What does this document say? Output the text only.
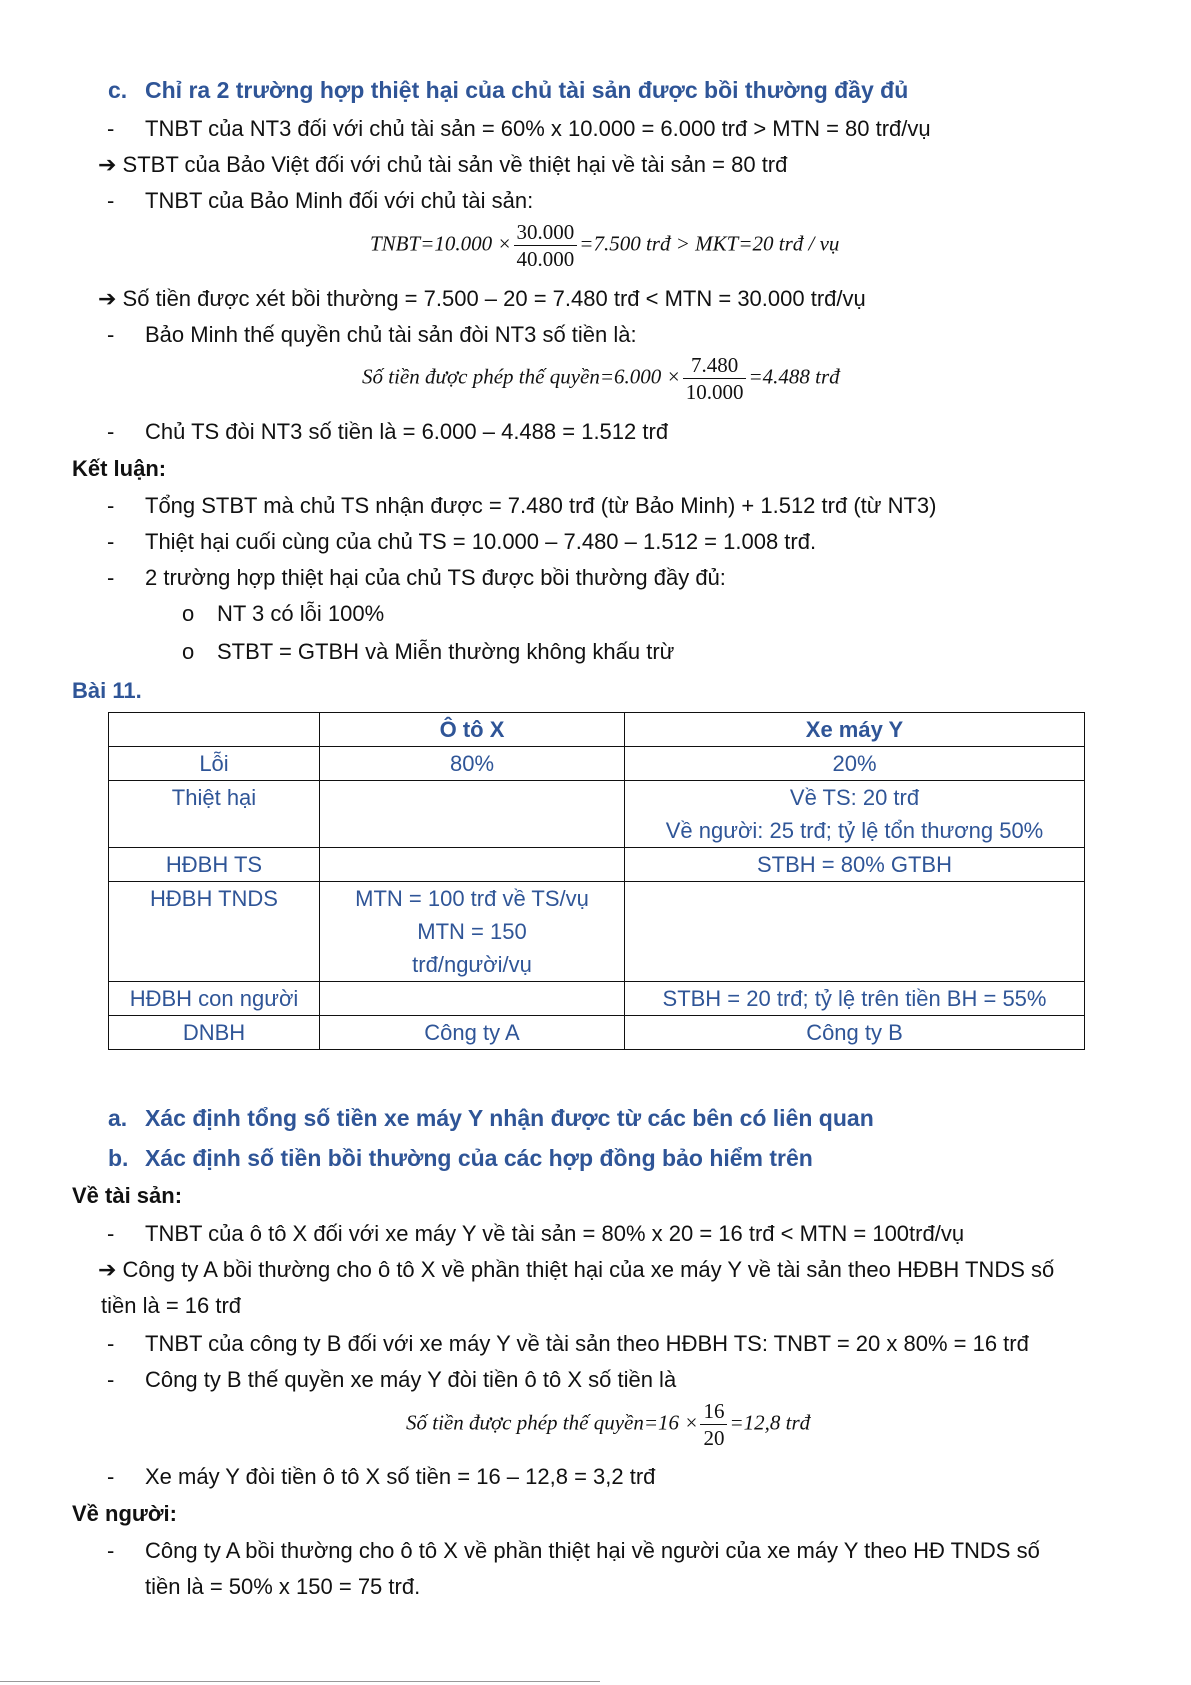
c. Chỉ ra 2 trường hợp thiệt hại của chủ tài sản được bồi thường đầy đủ
- TNBT của NT3 đối với chủ tài sản = 60% x 10.000 = 6.000 trđ > MTN = 80 trđ/vụ
➔ STBT của Bảo Việt đối với chủ tài sản về thiệt hại về tài sản = 80 trđ
- TNBT của Bảo Minh đối với chủ tài sản:
TNBT=10.000 × $\frac{30.000}{40.000} =7.500$ trđ > MKT=20 trđ / vụ
➔ Số tiền được xét bồi thường = 7.500 – 20 = 7.480 trđ < MTN = 30.000 trđ/vụ
- Bảo Minh thế quyền chủ tài sản đòi NT3 số tiền là:
Số tiền được phép thế quyền=6.000 × $\frac{7.480}{10.000} =4.488$ trđ
- Chủ TS đòi NT3 số tiền là = 6.000 – 4.488 = 1.512 trđ
Kết luận:
- Tổng STBT mà chủ TS nhận được = 7.480 trđ (từ Bảo Minh) + 1.512 trđ (từ NT3)
- Thiệt hại cuối cùng của chủ TS = 10.000 – 7.480 – 1.512 = 1.008 trđ.
- 2 trường hợp thiệt hại của chủ TS được bồi thường đầy đủ:
o NT 3 có lỗi 100%
o STBT = GTBH và Miễn thường không khấu trừ
Bài 11.
	Ô tô X	Xe máy Y
Lỗi	80%	20%

Thiệt hại		Về TS: 20 trđ
Về người: 25 trđ; tỷ lệ tổn thương 50%

HĐBH TS		STBH = 80% GTBH

HĐBH TNDS	MTN = 100 trđ về TS/vụ
MTN = 150
trđ/người/vụ	

HĐBH con người		STBH = 20 trđ; tỷ lệ trên tiền BH = 55%

DNBH	Công ty A	Công ty B
a. Xác định tổng số tiền xe máy Y nhận được từ các bên có liên quan
b. Xác định số tiền bồi thường của các hợp đồng bảo hiểm trên
Về tài sản:
- TNBT của ô tô X đối với xe máy Y về tài sản = 80% x 20 = 16 trđ < MTN = 100trđ/vụ
➔ Công ty A bồi thường cho ô tô X về phần thiệt hại của xe máy Y về tài sản theo HĐBH TNDS số
tiền là = 16 trđ
- TNBT của công ty B đối với xe máy Y về tài sản theo HĐBH TS: TNBT = 20 x 80% = 16 trđ
- Công ty B thế quyền xe máy Y đòi tiền ô tô X số tiền là
Số tiền được phép thế quyền=16 × $\frac{16}{20} =12,8$ trđ
- Xe máy Y đòi tiền ô tô X số tiền = 16 – 12,8 = 3,2 trđ
Về người:
- Công ty A bồi thường cho ô tô X về phần thiệt hại về người của xe máy Y theo HĐ TNDS số
tiền là = 50% x 150 = 75 trđ.
